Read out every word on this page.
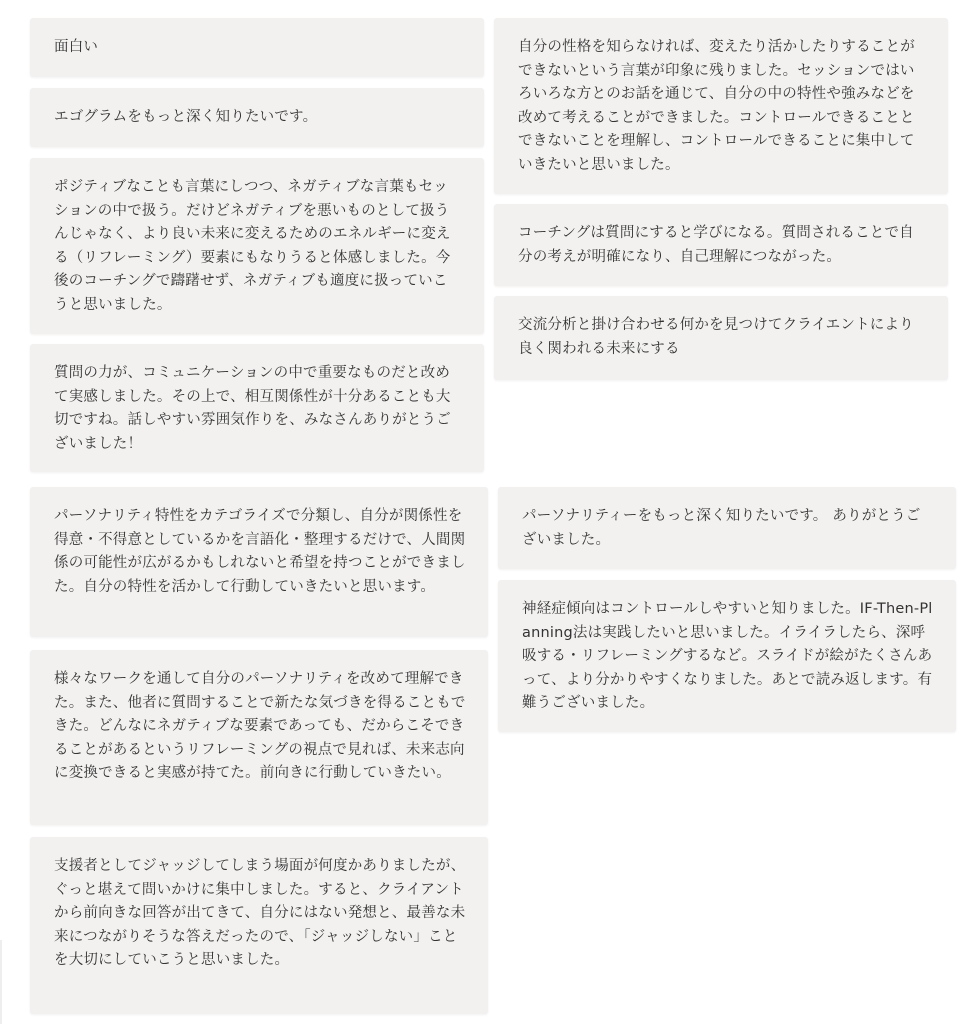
面白い

エゴグラムをもっと深く知りたいです。

ポジティブなことも言葉にしつつ、ネガティブな言葉もセッションの中で扱う。だけどネガティブを悪いものとして扱うんじゃなく、より良い未来に変えるためのエネルギーに変える（リフレーミング）要素にもなりうると体感しました。今後のコーチングで躊躇せず、ネガティブも適度に扱っていこうと思いました。

質問の力が、コミュニケーションの中で重要なものだと改めて実感しました。その上で、相互関係性が十分あることも大切ですね。話しやすい雰囲気作りを、みなさんありがとうございました！

パーソナリティ特性をカテゴライズで分類し、自分が関係性を得意・不得意としているかを言語化・整理するだけで、人間関係の可能性が広がるかもしれないと希望を持つことができました。自分の特性を活かして行動していきたいと思います。

様々なワークを通して自分のパーソナリティを改めて理解できた。また、他者に質問することで新たな気づきを得ることもできた。どんなにネガティブな要素であっても、だからこそできることがあるというリフレーミングの視点で見れば、未来志向に変換できると実感が持てた。前向きに行動していきたい。

支援者としてジャッジしてしまう場面が何度かありましたが、ぐっと堪えて問いかけに集中しました。すると、クライアントから前向きな回答が出てきて、自分にはない発想と、最善な未来につながりそうな答えだったので、「ジャッジしない」ことを大切にしていこうと思いました。

自分の性格を知らなければ、変えたり活かしたりすることができないという言葉が印象に残りました。セッションではいろいろな方とのお話を通じて、自分の中の特性や強みなどを改めて考えることができました。コントロールできることとできないことを理解し、コントロールできることに集中していきたいと思いました。

コーチングは質問にすると学びになる。質問されることで自分の考えが明確になり、自己理解につながった。

交流分析と掛け合わせる何かを見つけてクライエントにより良く関われる未来にする

パーソナリティーをもっと深く知りたいです。 ありがとうございました。

神経症傾向はコントロールしやすいと知りました。IF-Then-Planning法は実践したいと思いました。イライラしたら、深呼吸する・リフレーミングするなど。スライドが絵がたくさんあって、より分かりやすくなりました。あとで読み返します。有難うございました。
